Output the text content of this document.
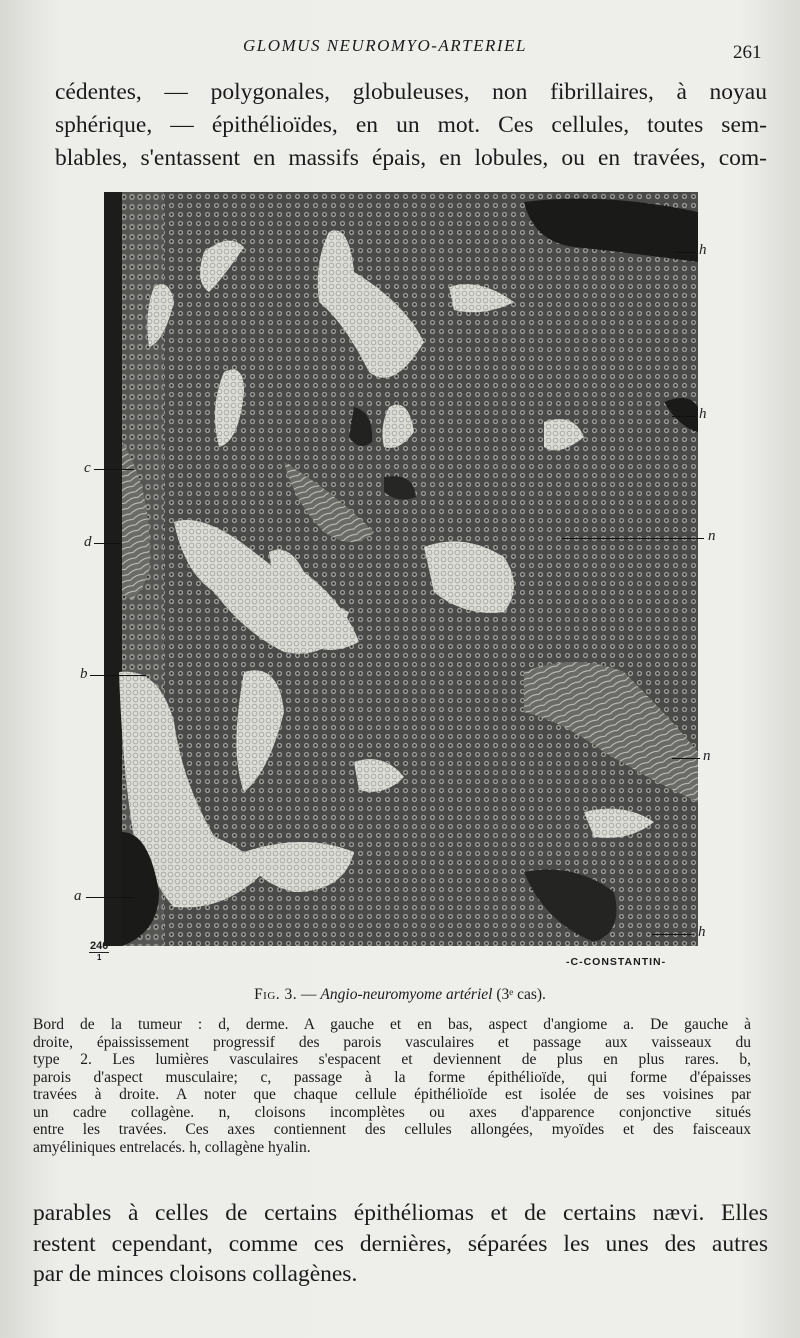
GLOMUS NEUROMYO-ARTERIEL	261
cédentes, — polygonales, globuleuses, non fibrillaires, à noyau
sphérique, — épithélioïdes, en un mot. Ces cellules, toutes sem-
blables, s'entassent en massifs épais, en lobules, ou en travées, com-
h
h
c
n
d
b
n
a
h
240
1	-C-CONSTANTIN-
Fig. 3. — Angio-neuromyome artériel (3ᵉ cas).
Bord de la tumeur : d, derme. A gauche et en bas, aspect d'angiome a. De gauche à
droite, épaississement progressif des parois vasculaires et passage aux vaisseaux du
type 2. Les lumières vasculaires s'espacent et deviennent de plus en plus rares. b,
parois d'aspect musculaire; c, passage à la forme épithélioïde, qui forme d'épaisses
travées à droite. A noter que chaque cellule épithélioïde est isolée de ses voisines par
un cadre collagène. n, cloisons incomplètes ou axes d'apparence conjonctive situés
entre les travées. Ces axes contiennent des cellules allongées, myoïdes et des faisceaux
amyéliniques entrelacés. h, collagène hyalin.
parables à celles de certains épithéliomas et de certains nævi. Elles
restent cependant, comme ces dernières, séparées les unes des autres
par de minces cloisons collagènes.
